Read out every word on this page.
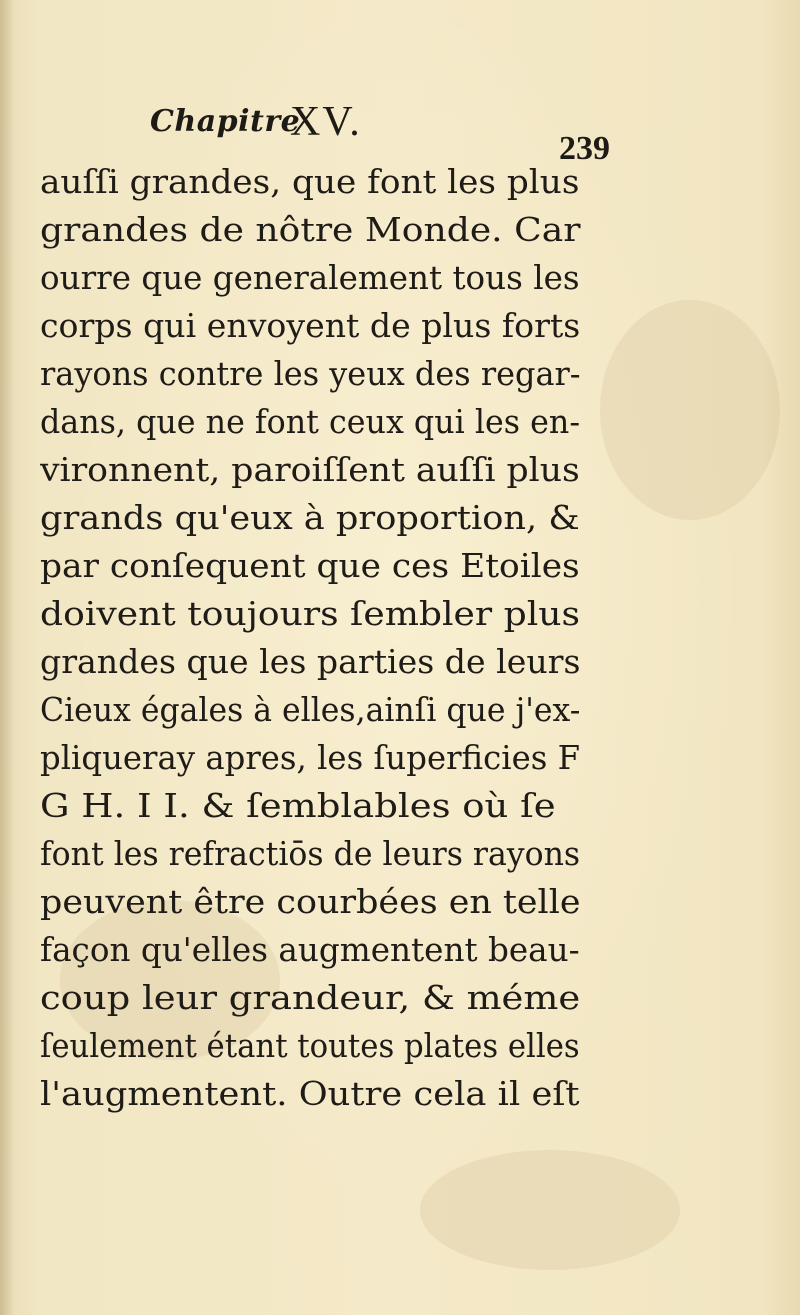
Chapitre
XV.
239
auſſi grandes, que font les plus
grandes de nôtre Monde. Car
ourre que generalement tous les
corps qui envoyent de plus forts
rayons contre les yeux des regar-
dans, que ne font ceux qui les en-
vironnent, paroiſſent auſſi plus
grands qu'eux à proportion, &
par conſequent que ces Etoiles
doivent toujours ſembler plus
grandes que les parties de leurs
Cieux égales à elles,ainſi que j'ex-
pliqueray apres, les ſuperficies F
G H. I I. & ſemblables où ſe
font les refractiōs de leurs rayons
peuvent être courbées en telle
façon qu'elles augmentent beau-
coup leur grandeur, & méme
ſeulement étant toutes plates elles
l'augmentent. Outre cela il eſt
